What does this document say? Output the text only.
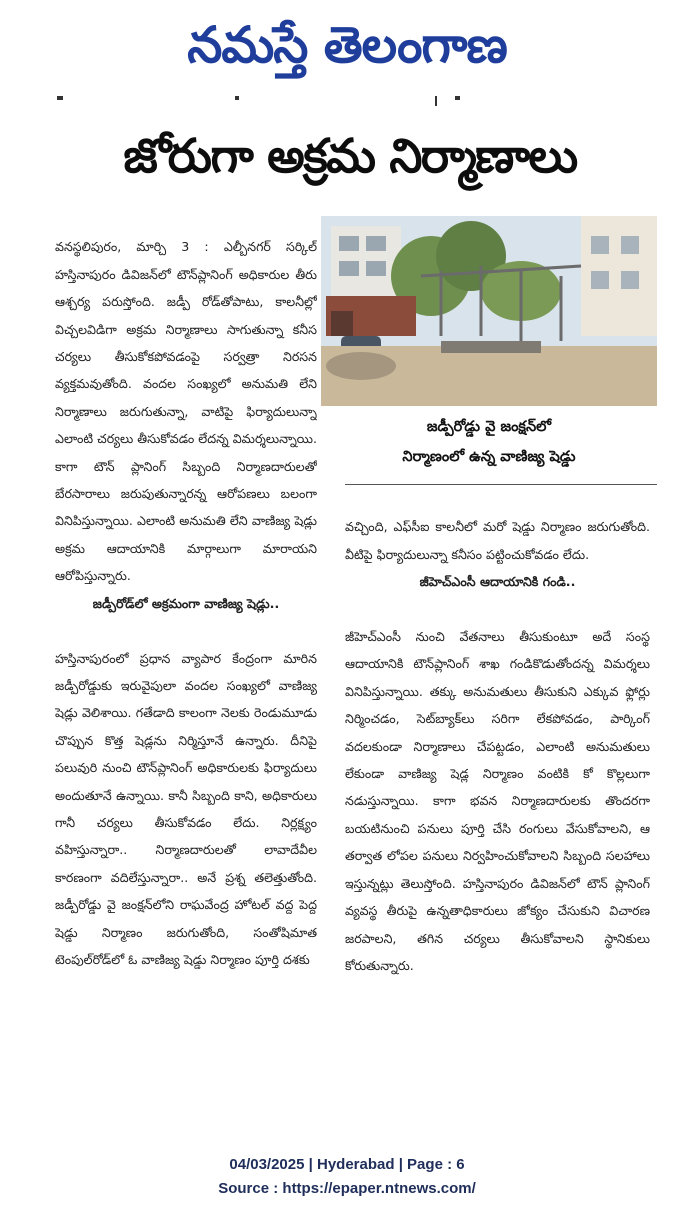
నమస్తే తెలంగాణ
జోరుగా అక్రమ నిర్మాణాలు
జడ్పీరోడ్డు వై జంక్షన్‌లో
నిర్మాణంలో ఉన్న వాణిజ్య షెడ్డు

వనస్థలిపురం, మార్చి 3 : ఎల్బీనగర్ సర్కిల్ హస్తినాపురం డివిజన్‌లో టౌన్‌ప్లానింగ్ అధికారుల తీరు ఆశ్చర్య పరుస్తోంది. జడ్పీ రోడ్‌తోపాటు, కాలనీల్లో విచ్చలవిడిగా అక్రమ నిర్మాణాలు సాగుతున్నా కనీస చర్యలు తీసుకోకపోవడంపై సర్వత్రా నిరసన వ్యక్తమవుతోంది. వందల సంఖ్యలో అనుమతి లేని నిర్మాణాలు జరుగుతున్నా, వాటిపై ఫిర్యాదులున్నా ఎలాంటి చర్యలు తీసుకోవడం లేదన్న విమర్శలున్నాయి. కాగా టౌన్ ప్లానింగ్ సిబ్బంది నిర్మాణదారులతో బేరసారాలు జరుపుతున్నారన్న ఆరోపణలు బలంగా వినిపిస్తున్నాయి. ఎలాంటి అనుమతి లేని వాణిజ్య షెడ్లు అక్రమ ఆదాయానికి మార్గాలుగా మారాయని ఆరోపిస్తున్నారు.

జడ్పీరోడ్‌లో అక్రమంగా వాణిజ్య షెడ్లు..

హస్తినాపురంలో ప్రధాన వ్యాపార కేంద్రంగా మారిన జడ్పీరోడ్డుకు ఇరువైపులా వందల సంఖ్యలో వాణిజ్య షెడ్లు వెలిశాయి. గతేడాది కాలంగా నెలకు రెండుమూడు చొప్పున కొత్త షెడ్లను నిర్మిస్తూనే ఉన్నారు. దీనిపై పలువురి నుంచి టౌన్‌ప్లానింగ్ అధికారులకు ఫిర్యాదులు అందుతూనే ఉన్నాయి. కానీ సిబ్బంది కాని, అధికారులు గానీ చర్యలు తీసుకోవడం లేదు. నిర్లక్ష్యం వహిస్తున్నారా.. నిర్మాణదారులతో లావాదేవీల కారణంగా వదిలేస్తున్నారా.. అనే ప్రశ్న తలెత్తుతోంది. జడ్పీరోడ్డు వై జంక్షన్‌లోని రాఘవేంద్ర హోటల్ వద్ద పెద్ద షెడ్డు నిర్మాణం జరుగుతోంది, సంతోషిమాత టెంపుల్‌రోడ్‌లో ఓ వాణిజ్య షెడ్డు నిర్మాణం పూర్తి దశకు

వచ్చింది, ఎఫ్‌సీఐ కాలనీలో మరో షెడ్డు నిర్మాణం జరుగుతోంది. వీటిపై ఫిర్యాదులున్నా కనీసం పట్టించుకోవడం లేదు.

జీహెచ్‌ఎంసీ ఆదాయానికి గండి..

జీహెచ్‌ఎంసీ నుంచి వేతనాలు తీసుకుంటూ అదే సంస్థ ఆదాయానికి టౌన్‌ప్లానింగ్ శాఖ గండికొడుతోందన్న విమర్శలు వినిపిస్తున్నాయి. తక్కు అనుమతులు తీసుకుని ఎక్కువ ఫ్లోర్లు నిర్మించడం, సెట్‌బ్యాక్‌లు సరిగా లేకపోవడం, పార్కింగ్ వదలకుండా నిర్మాణాలు చేపట్టడం, ఎలాంటి అనుమతులు లేకుండా వాణిజ్య షెడ్ల నిర్మాణం వంటికి కో కొల్లలుగా నడుస్తున్నాయి. కాగా భవన నిర్మాణదారులకు తొందరగా బయటినుంచి పనులు పూర్తి చేసి రంగులు వేసుకోవాలని, ఆ తర్వాత లోపల పనులు నిర్వహించుకోవాలని సిబ్బంది సలహాలు ఇస్తున్నట్లు తెలుస్తోంది. హస్తినాపురం డివిజన్‌లో టౌన్ ప్లానింగ్ వ్యవస్థ తీరుపై ఉన్నతాధికారులు జోక్యం చేసుకుని విచారణ జరపాలని, తగిన చర్యలు తీసుకోవాలని స్థానికులు కోరుతున్నారు.

04/03/2025 | Hyderabad | Page : 6
Source : https://epaper.ntnews.com/
